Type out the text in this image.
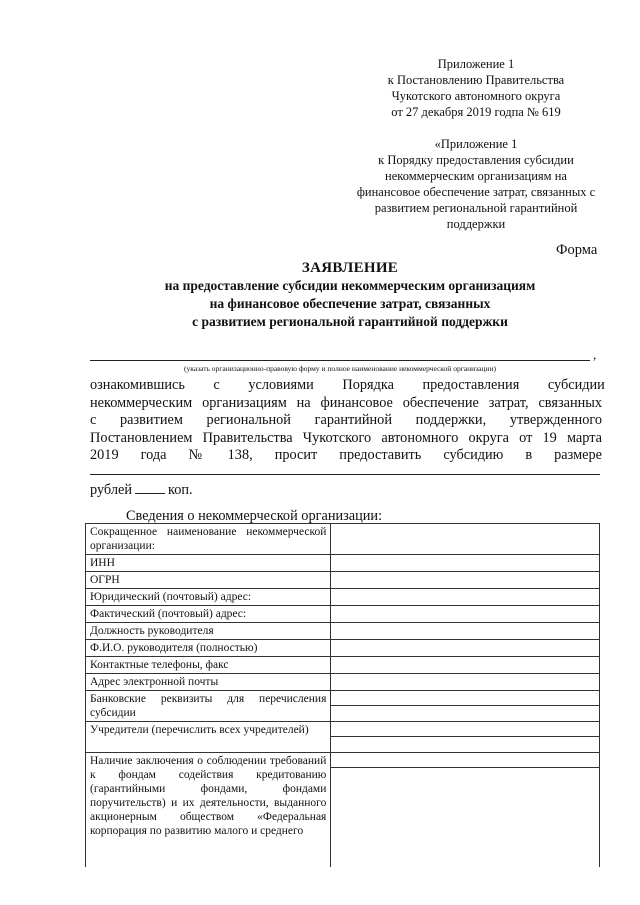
Приложение 1
к Постановлению Правительства
Чукотского автономного округа
от 27 декабря 2019 годпа № 619
«Приложение 1
к Порядку предоставления субсидии
некоммерческим организациям на
финансовое обеспечение затрат, связанных с
развитием региональной гарантийной
поддержки
Форма
ЗАЯВЛЕНИЕ
на предоставление субсидии некоммерческим организациям
на финансовое обеспечение затрат, связанных
с развитием региональной гарантийной поддержки
,
(указать организационно-правовую форму и полное наименование некоммерческой организации)
ознакомившись с условиями Порядка предоставления субсидии
некоммерческим организациям на финансовое обеспечение затрат, связанных
с развитием региональной гарантийной поддержки, утвержденного
Постановлением Правительства Чукотского автономного округа от 19 марта
2019 года № 138, просит предоставить субсидию в размере
рублей	коп.
Сведения о некоммерческой организации:
Сокращенное наименование некоммерческой организации:	
ИНН	
ОГРН	
Юридический (почтовый) адрес:	
Фактический (почтовый) адрес:	
Должность руководителя	
Ф.И.О. руководителя (полностью)	
Контактные телефоны, факс	
Адрес электронной почты	
Банковские реквизиты для перечисления субсидии	

Учредители (перечислить всех учредителей)	

Наличие заключения о соблюдении требований к фондам содействия кредитованию (гарантийными фондами, фондами поручительств) и их деятельности, выданного акционерным обществом «Федеральная корпорация по развитию малого и среднего	
